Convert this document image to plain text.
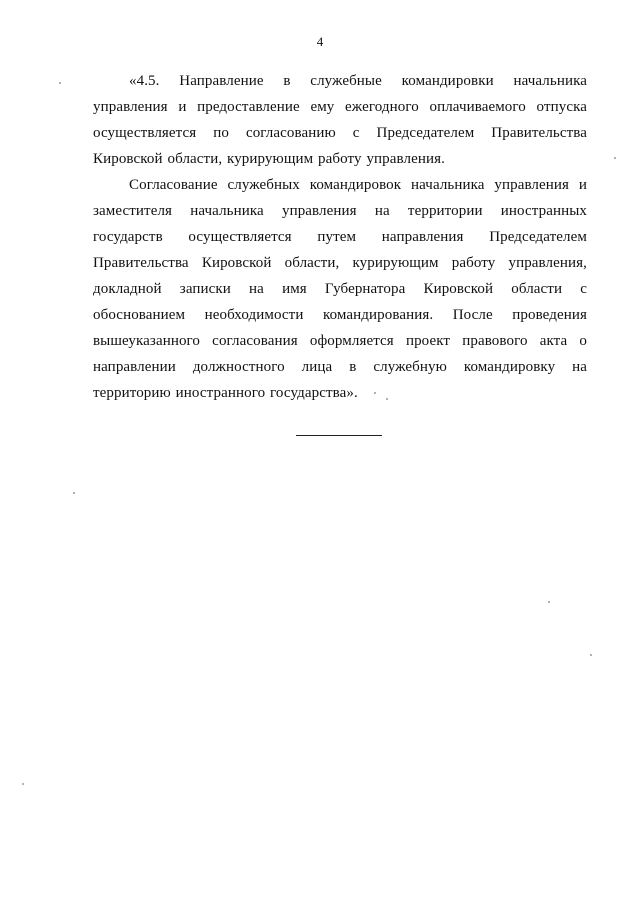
4

«4.5. Направление в служебные командировки начальника управления и предоставление ему ежегодного оплачиваемого отпуска осуществляется по согласованию с Председателем Правительства Кировской области, курирующим работу управления.

Согласование служебных командировок начальника управления и заместителя начальника управления на территории иностранных государств осуществляется путем направления Председателем Правительства Кировской области, курирующим работу управления, докладной записки на имя Губернатора Кировской области с обоснованием необходимости командирования. После проведения вышеуказанного согласования оформляется проект правового акта о направлении должностного лица в служебную командировку на территорию иностранного государства».
